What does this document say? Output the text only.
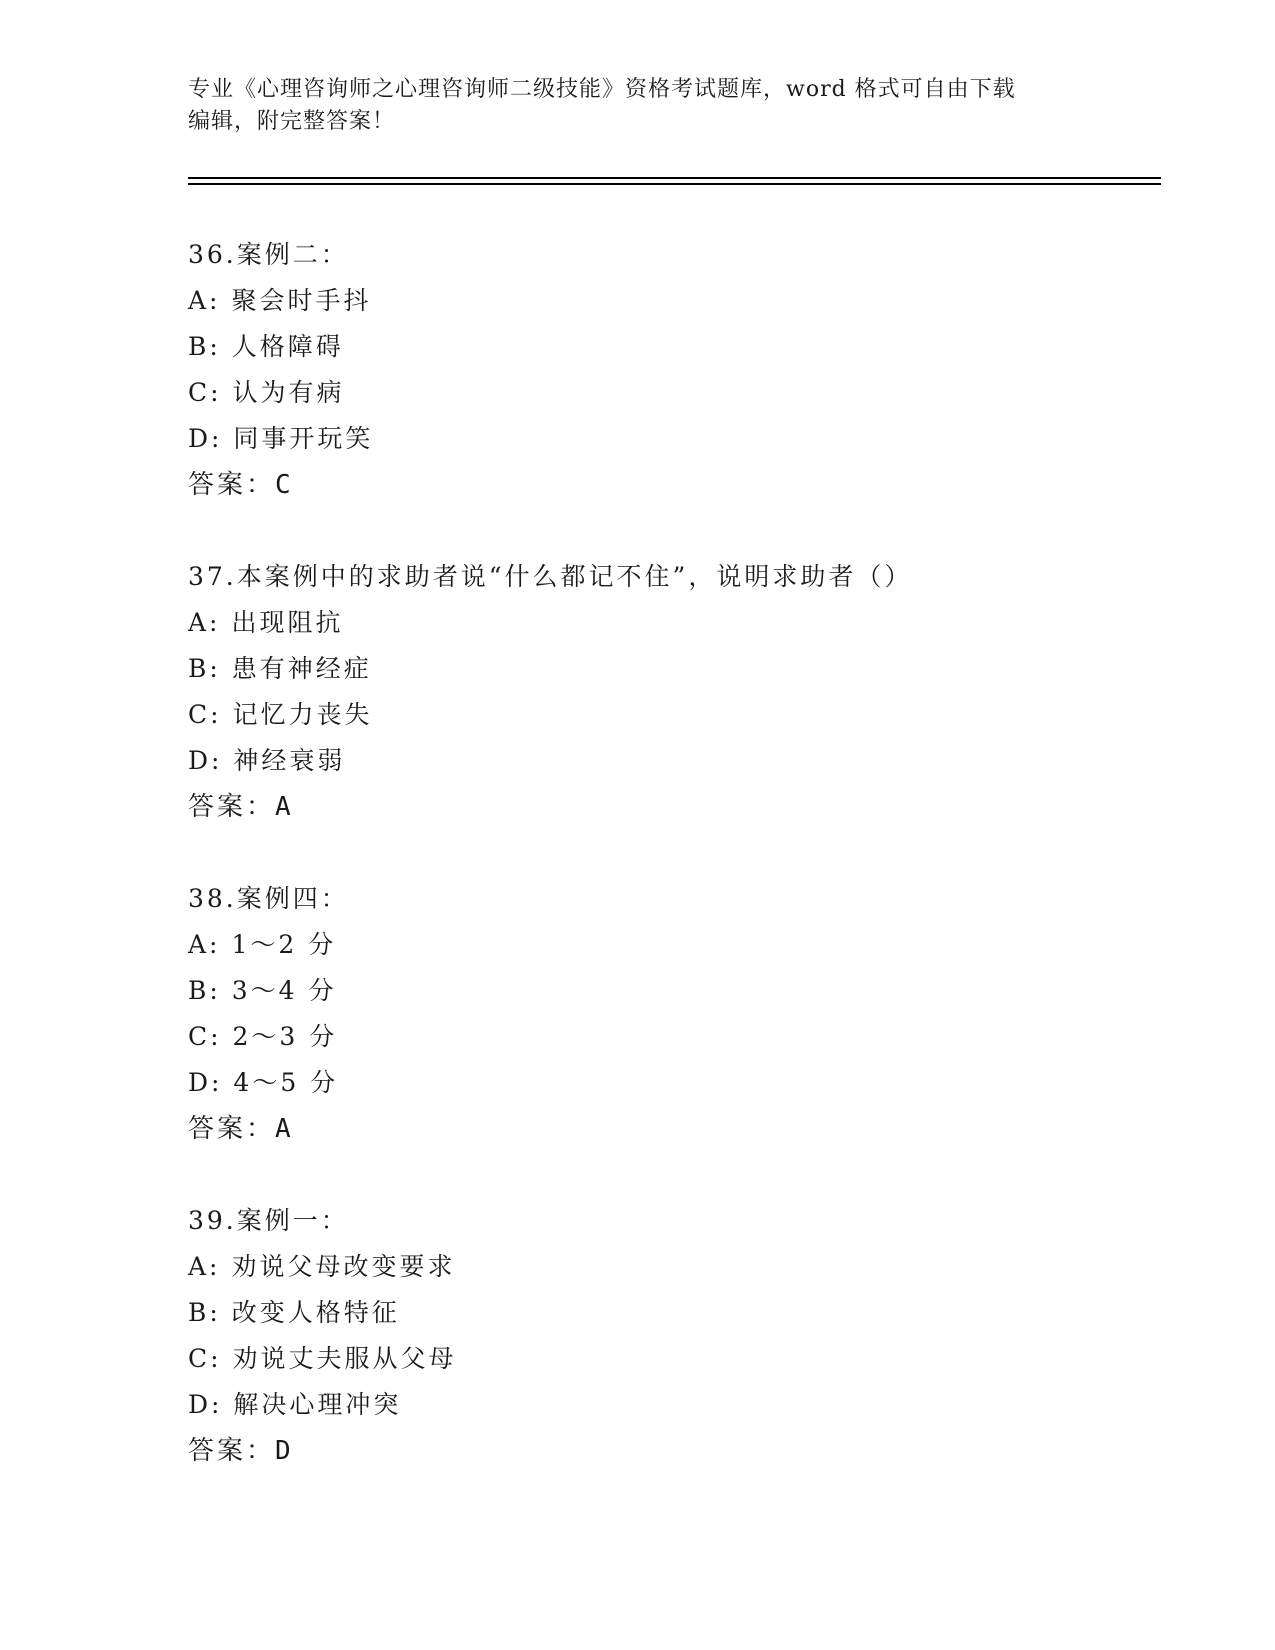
专业《心理咨询师之心理咨询师二级技能》资格考试题库，word 格式可自由下载
编辑，附完整答案！
36.案例二：
A: 聚会时手抖
B: 人格障碍
C: 认为有病
D: 同事开玩笑
答案：C
37.本案例中的求助者说“什么都记不住”，说明求助者（）
A: 出现阻抗
B: 患有神经症
C: 记忆力丧失
D: 神经衰弱
答案：A
38.案例四：
A: 1～2 分
B: 3～4 分
C: 2～3 分
D: 4～5 分
答案：A
39.案例一：
A: 劝说父母改变要求
B: 改变人格特征
C: 劝说丈夫服从父母
D: 解决心理冲突
答案：D
